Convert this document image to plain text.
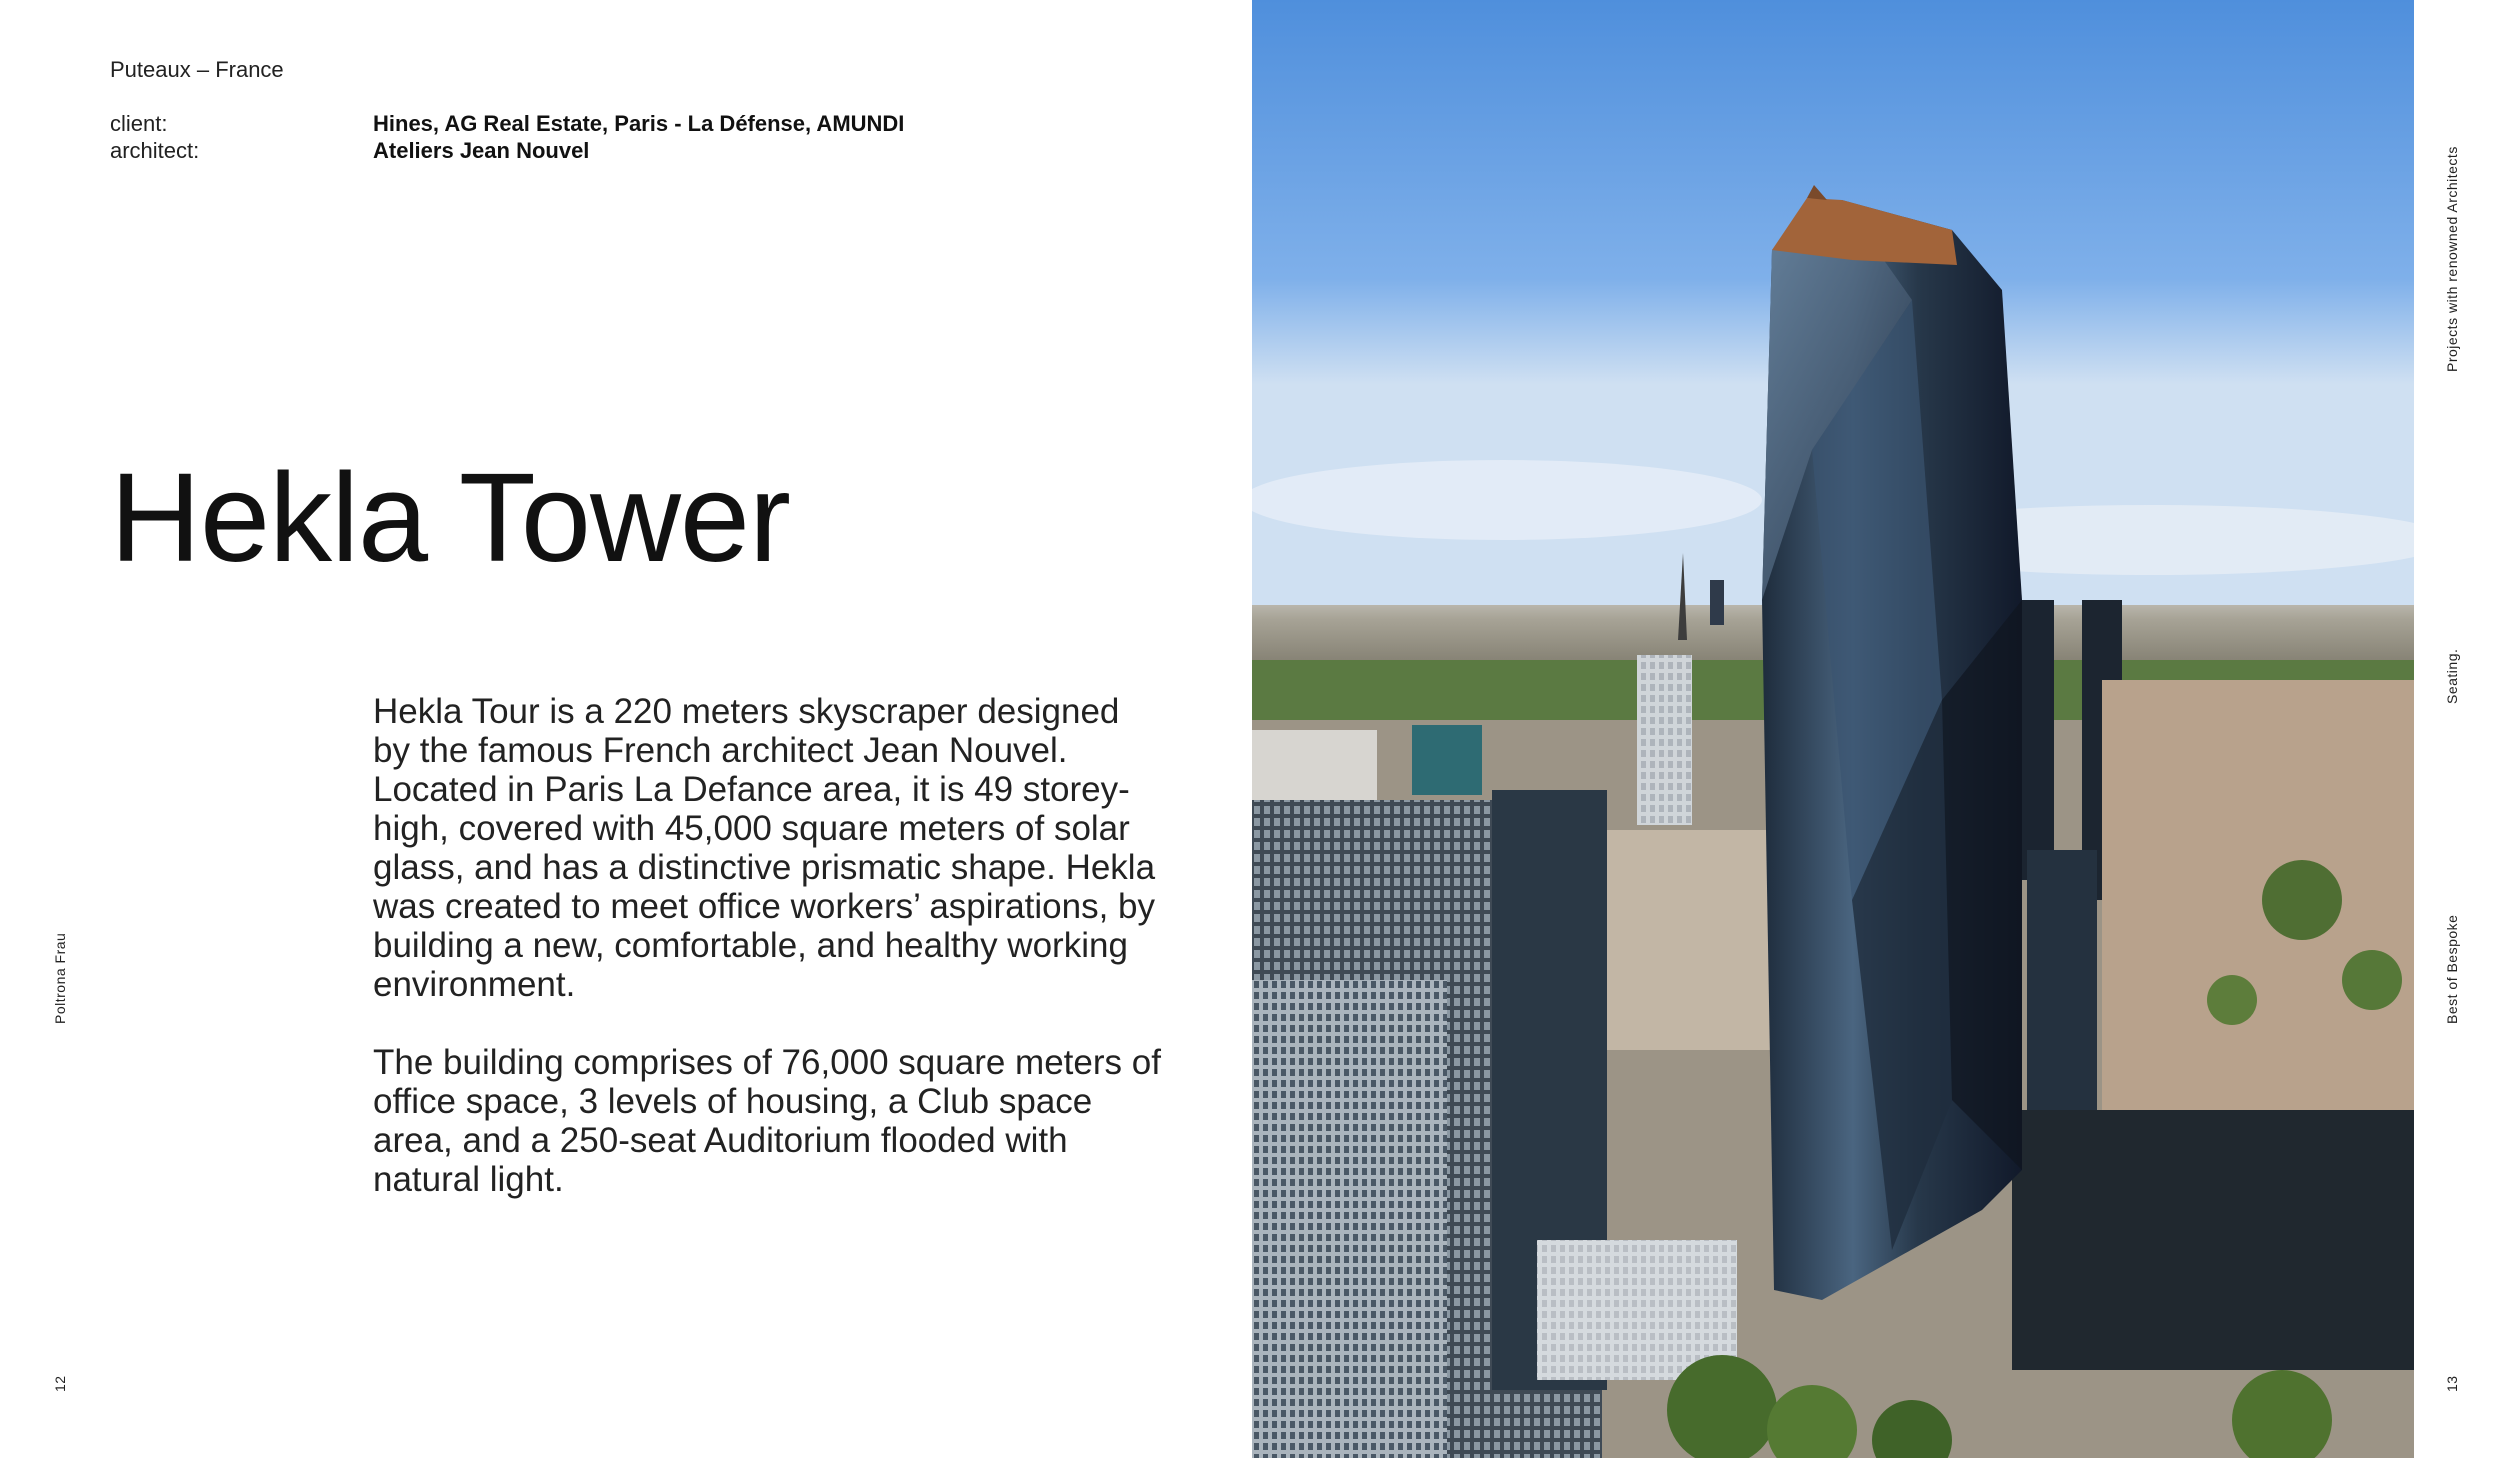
Puteaux – France
client:	Hines, AG Real Estate, Paris - La Défense, AMUNDI
architect:	Ateliers Jean Nouvel
Hekla Tower

Hekla Tour is a 220 meters skyscraper designed by the famous French architect Jean Nouvel. Located in Paris La Defance area, it is 49 storey-high, covered with 45,000 square meters of solar glass, and has a distinctive prismatic shape. Hekla was created to meet office workers’ aspirations, by building a new, comfortable, and healthy working environment.

The building comprises of 76,000 square meters of office space, 3 levels of housing, a Club space area, and a 250-seat Auditorium flooded with natural light.

Poltrona Frau
12
Projects with renowned Architects
Seating.
Best of Bespoke
13
